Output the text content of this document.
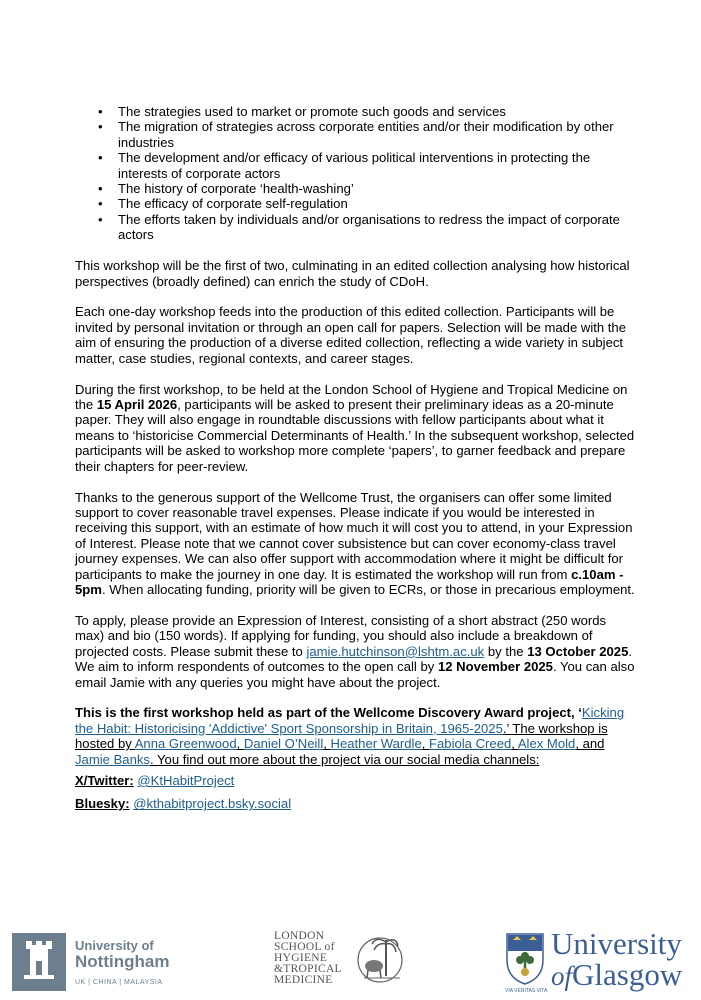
• The strategies used to market or promote such goods and services
• The migration of strategies across corporate entities and/or their modification by other industries
• The development and/or efficacy of various political interventions in protecting the interests of corporate actors
• The history of corporate ‘health-washing’
• The efficacy of corporate self-regulation
• The efforts taken by individuals and/or organisations to redress the impact of corporate actors

This workshop will be the first of two, culminating in an edited collection analysing how historical perspectives (broadly defined) can enrich the study of CDoH.

Each one-day workshop feeds into the production of this edited collection. Participants will be invited by personal invitation or through an open call for papers. Selection will be made with the aim of ensuring the production of a diverse edited collection, reflecting a wide variety in subject matter, case studies, regional contexts, and career stages.

During the first workshop, to be held at the London School of Hygiene and Tropical Medicine on the 15 April 2026, participants will be asked to present their preliminary ideas as a 20-minute paper. They will also engage in roundtable discussions with fellow participants about what it means to ‘historicise Commercial Determinants of Health.’ In the subsequent workshop, selected participants will be asked to workshop more complete ‘papers’, to garner feedback and prepare their chapters for peer-review.

Thanks to the generous support of the Wellcome Trust, the organisers can offer some limited support to cover reasonable travel expenses. Please indicate if you would be interested in receiving this support, with an estimate of how much it will cost you to attend, in your Expression of Interest. Please note that we cannot cover subsistence but can cover economy-class travel journey expenses. We can also offer support with accommodation where it might be difficult for participants to make the journey in one day. It is estimated the workshop will run from c.10am - 5pm. When allocating funding, priority will be given to ECRs, or those in precarious employment.

To apply, please provide an Expression of Interest, consisting of a short abstract (250 words max) and bio (150 words). If applying for funding, you should also include a breakdown of projected costs. Please submit these to jamie.hutchinson@lshtm.ac.uk by the 13 October 2025. We aim to inform respondents of outcomes to the open call by 12 November 2025. You can also email Jamie with any queries you might have about the project.

This is the first workshop held as part of the Wellcome Discovery Award project, ‘Kicking the Habit: Historicising 'Addictive' Sport Sponsorship in Britain, 1965-2025.’ The workshop is hosted by Anna Greenwood, Daniel O’Neill, Heather Wardle, Fabiola Creed, Alex Mold, and Jamie Banks. You find out more about the project via our social media channels:

X/Twitter: @KtHabitProject
Bluesky: @kthabitproject.bsky.social
University of
Nottingham
UK | CHINA | MALAYSIA
LONDON
SCHOOL of
HYGIENE
&TROPICAL
MEDICINE
University
ofGlasgow
VIA VERITAS VITA
